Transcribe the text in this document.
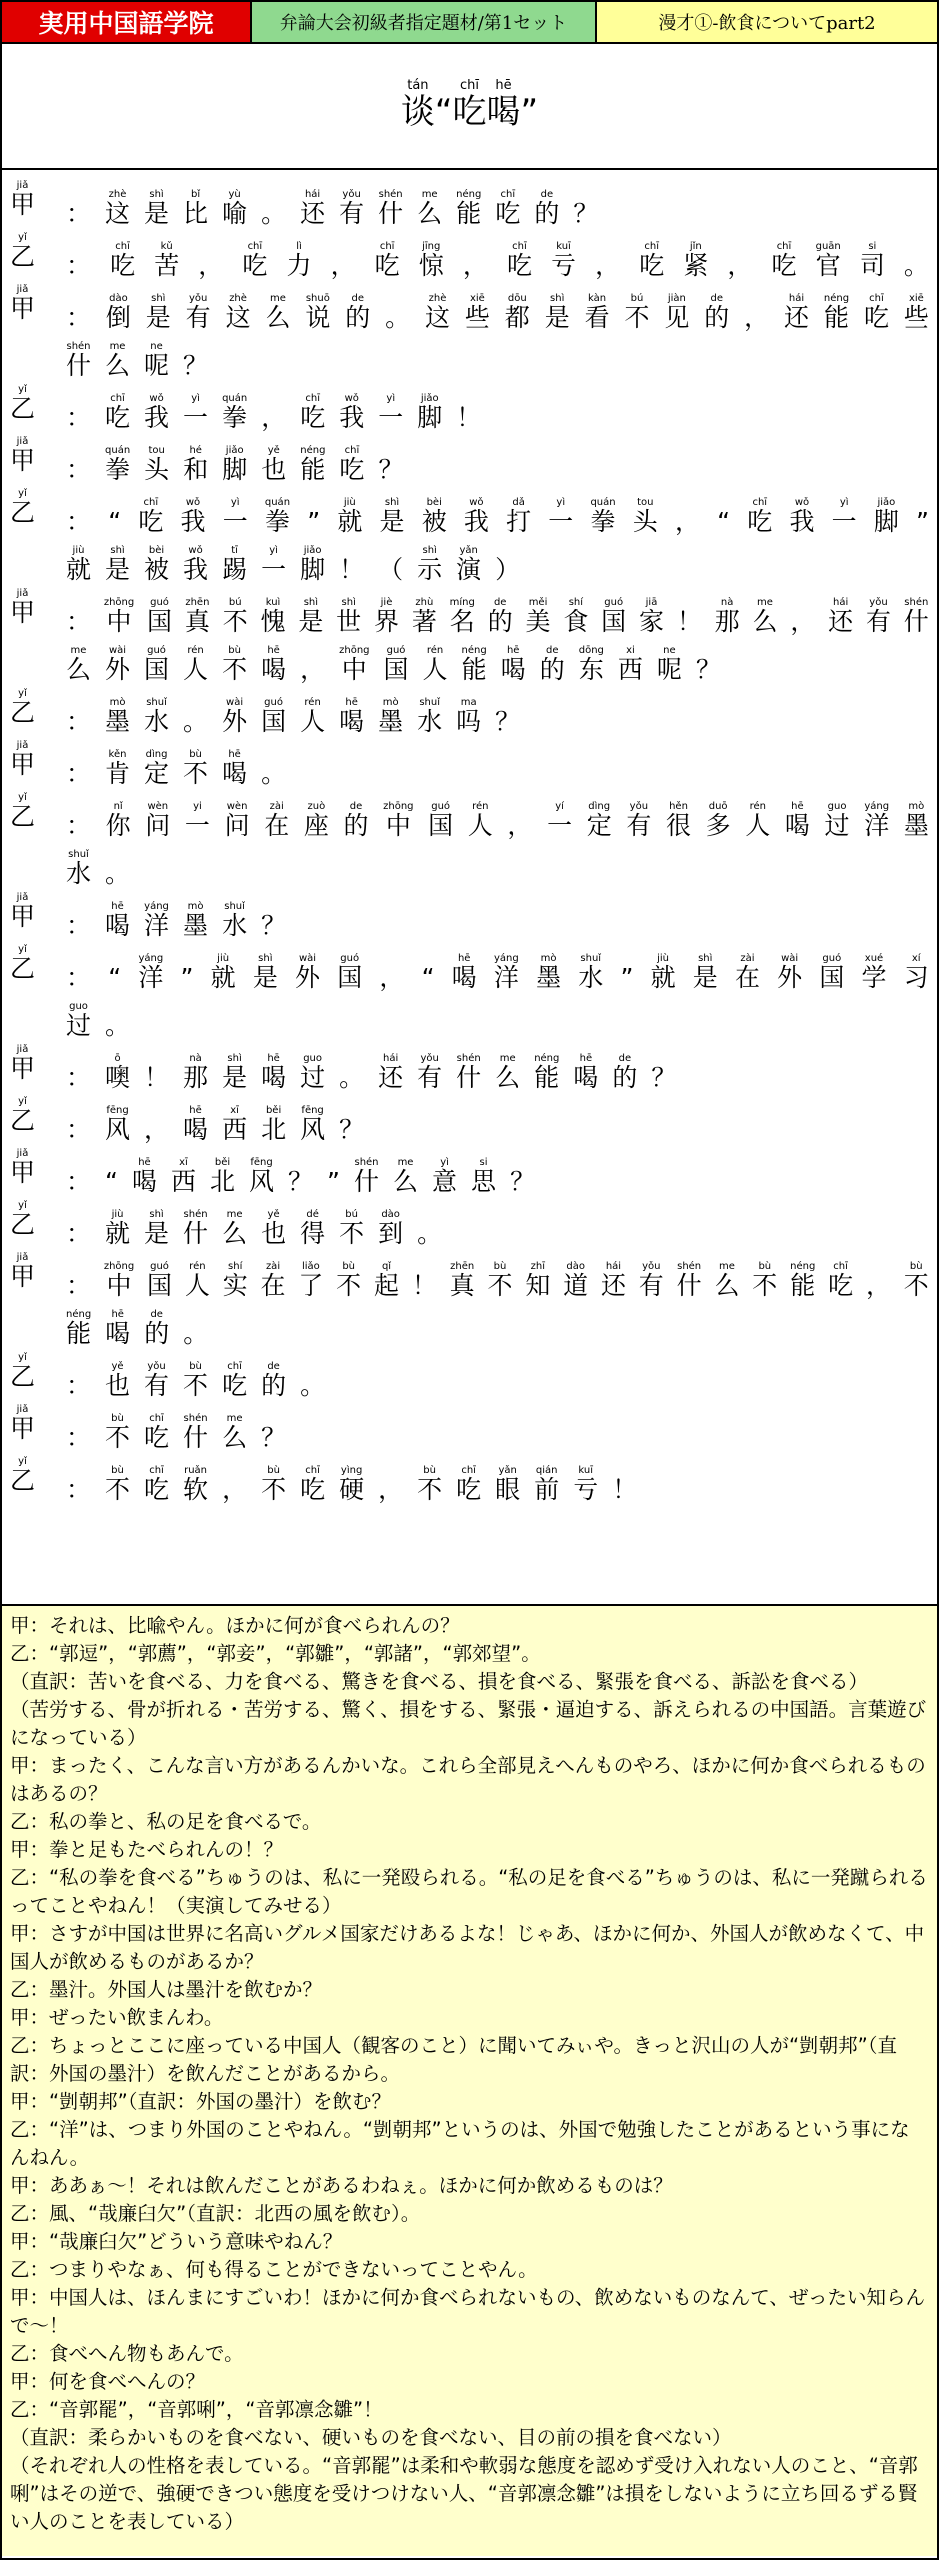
実用中国語学院	弁論大会初級者指定題材/第1セット	漫才①-飲食についてpart2
谈tán“ 吃chī喝hē”
甲jiǎ
： 这zhè
是shì
比bǐ
喻yù
。 还hái
有yǒu
什shén
么me
能néng
吃chī
的de
？
乙yǐ
： 吃chī
苦kǔ
， 吃chī
力lì
， 吃chī
惊jīng
， 吃chī
亏kuī
， 吃chī
紧jǐn
， 吃chī
官guān
司si
。
甲jiǎ
： 倒dào
是shì
有yǒu
这zhè
么me
说shuō
的de
。 这zhè
些xiē
都dōu
是shì
看kàn
不bú
见jiàn
的de
， 还hái
能néng
吃chī
些xiē
什shén
么me
呢ne
？
乙yǐ
： 吃chī
我wǒ
一yì
拳quán
， 吃chī
我wǒ
一yì
脚jiǎo
！
甲jiǎ
： 拳quán
头tou
和hé
脚jiǎo
也yě
能néng
吃chī
？
乙yǐ
： “ 吃chī
我wǒ
一yì
拳quán
” 就jiù
是shì
被bèi
我wǒ
打dǎ
一yì
拳quán
头tou
， “ 吃chī
我wǒ
一yì
脚jiǎo
”
就jiù
是shì
被bèi
我wǒ
踢tī
一yì
脚jiǎo
！ （ 示shì
演yǎn
）
甲jiǎ
： 中zhōng
国guó
真zhēn
不bú
愧kuì
是shì
世shì
界jiè
著zhù
名míng
的de
美měi
食shí
国guó
家jiā
！ 那nà
么me
， 还hái
有yǒu
什shén
么me
外wài
国guó
人rén
不bù
喝hē
， 中zhōng
国guó
人rén
能néng
喝hē
的de
东dōng
西xi
呢ne
？
乙yǐ
： 墨mò
水shuǐ
。 外wài
国guó
人rén
喝hē
墨mò
水shuǐ
吗ma
？
甲jiǎ
： 肯kěn
定dìng
不bù
喝hē
。
乙yǐ
： 你nǐ
问wèn
一yi
问wèn
在zài
座zuò
的de
中zhōng
国guó
人rén
， 一yí
定dìng
有yǒu
很hěn
多duō
人rén
喝hē
过guo
洋yáng
墨mò
水shuǐ
。
甲jiǎ
： 喝hē
洋yáng
墨mò
水shuǐ
？
乙yǐ
： “ 洋yáng
” 就jiù
是shì
外wài
国guó
， “ 喝hē
洋yáng
墨mò
水shuǐ
” 就jiù
是shì
在zài
外wài
国guó
学xué
习xí
过guo
。
甲jiǎ
： 噢ō
！ 那nà
是shì
喝hē
过guo
。 还hái
有yǒu
什shén
么me
能néng
喝hē
的de
？
乙yǐ
： 风fēng
， 喝hē
西xī
北běi
风fēng
？
甲jiǎ
： “ 喝hē
西xī
北běi
风fēng
？ ” 什shén
么me
意yì
思si
？
乙yǐ
： 就jiù
是shì
什shén
么me
也yě
得dé
不bú
到dào
。
甲jiǎ
： 中zhōng
国guó
人rén
实shí
在zài
了liǎo
不bù
起qǐ
！ 真zhēn
不bù
知zhī
道dào
还hái
有yǒu
什shén
么me
不bù
能néng
吃chī
， 不bù
能néng
喝hē
的de
。
乙yǐ
： 也yě
有yǒu
不bù
吃chī
的de
。
甲jiǎ
： 不bù
吃chī
什shén
么me
？
乙yǐ
： 不bù
吃chī
软ruǎn
， 不bù
吃chī
硬yìng
， 不bù
吃chī
眼yǎn
前qián
亏kuī
！

甲：それは、比喩やん。ほかに何が食べられんの？

乙：“郭逗”，“郭薦”，“郭妾”，“郭雛”，“郭諸”，“郭郊望”。

（直訳：苦いを食べる、力を食べる、驚きを食べる、損を食べる、緊張を食べる、訴訟を食べる）

（苦労する、骨が折れる・苦労する、驚く、損をする、緊張・逼迫する、訴えられるの中国語。言葉遊びになっている）

甲：まったく、こんな言い方があるんかいな。これら全部見えへんものやろ、ほかに何か食べられるものはあるの？

乙：私の拳と、私の足を食べるで。

甲：拳と足もたべられんの！？

乙：“私の拳を食べる”ちゅうのは、私に一発殴られる。“私の足を食べる”ちゅうのは、私に一発蹴られるってことやねん！（実演してみせる）

甲：さすが中国は世界に名高いグルメ国家だけあるよな！じゃあ、ほかに何か、外国人が飲めなくて、中国人が飲めるものがあるか？

乙：墨汁。外国人は墨汁を飲むか？

甲：ぜったい飲まんわ。

乙：ちょっとここに座っている中国人（観客のこと）に聞いてみぃや。きっと沢山の人が“剴朝邦”（直訳：外国の墨汁）を飲んだことがあるから。

甲：“剴朝邦”（直訳：外国の墨汁）を飲む？

乙：“洋”は、つまり外国のことやねん。“剴朝邦”というのは、外国で勉強したことがあるという事になんねん。

甲：ああぁ～！それは飲んだことがあるわねぇ。ほかに何か飲めるものは？

乙：風、“哉廉臼欠”（直訳：北西の風を飲む）。

甲：“哉廉臼欠”どういう意味やねん？

乙：つまりやなぁ、何も得ることができないってことやん。

甲：中国人は、ほんまにすごいわ！ほかに何か食べられないもの、飲めないものなんて、ぜったい知らんで～！

乙：食べへん物もあんで。

甲：何を食べへんの？

乙：“音郭罷”，“音郭唎”，“音郭凛念雛”！

（直訳：柔らかいものを食べない、硬いものを食べない、目の前の損を食べない）

（それぞれ人の性格を表している。“音郭罷”は柔和や軟弱な態度を認めず受け入れない人のこと、“音郭唎”はその逆で、強硬できつい態度を受けつけない人、“音郭凛念雛”は損をしないように立ち回るずる賢い人のことを表している）
